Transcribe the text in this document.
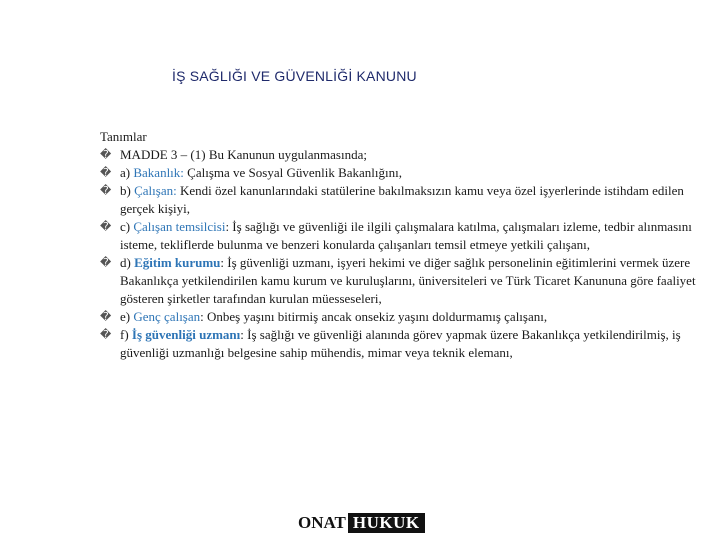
İŞ SAĞLIĞI VE GÜVENLİĞİ KANUNU
Tanımlar
� MADDE 3 – (1) Bu Kanunun uygulanmasında;
� a) Bakanlık: Çalışma ve Sosyal Güvenlik Bakanlığını,
� b) Çalışan: Kendi özel kanunlarındaki statülerine bakılmaksızın kamu veya özel işyerlerinde istihdam edilen gerçek kişiyi,
� c) Çalışan temsilcisi: İş sağlığı ve güvenliği ile ilgili çalışmalara katılma, çalışmaları izleme, tedbir alınmasını isteme, tekliflerde bulunma ve benzeri konularda çalışanları temsil etmeye yetkili çalışanı,
� d) Eğitim kurumu: İş güvenliği uzmanı, işyeri hekimi ve diğer sağlık personelinin eğitimlerini vermek üzere Bakanlıkça yetkilendirilen kamu kurum ve kuruluşlarını, üniversiteleri ve Türk Ticaret Kanununa göre faaliyet gösteren şirketler tarafından kurulan müesseseleri,
� e) Genç çalışan: Onbeş yaşını bitirmiş ancak onsekiz yaşını doldurmamış çalışanı,
� f) İş güvenliği uzmanı: İş sağlığı ve güvenliği alanında görev yapmak üzere Bakanlıkça yetkilendirilmiş, iş güvenliği uzmanlığı belgesine sahip mühendis, mimar veya teknik elemanı,
ONAT HUKUK
